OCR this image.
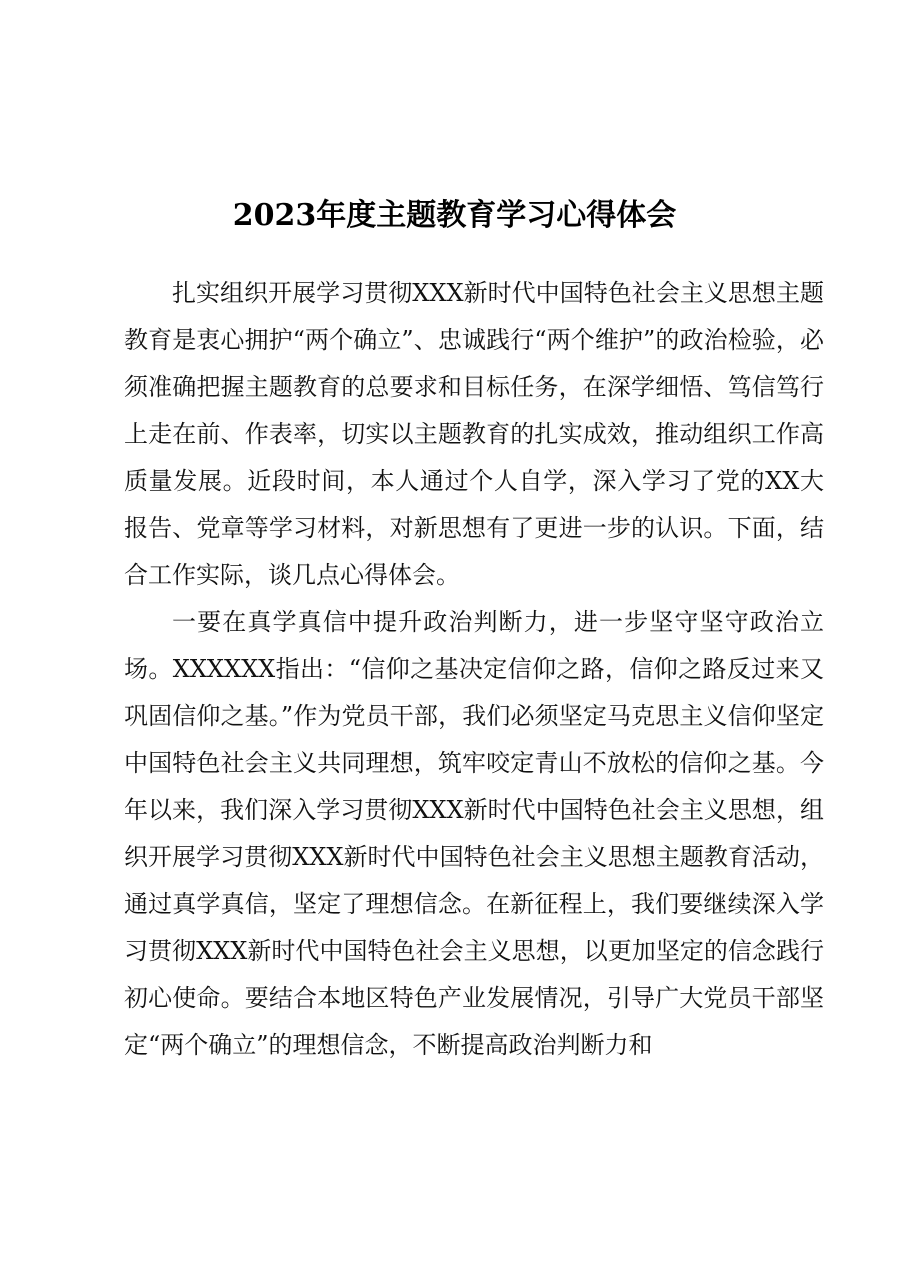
2023年度主题教育学习心得体会

扎实组织开展学习贯彻XXX新时代中国特色社会主义思想主题教育是衷心拥护“两个确立”、忠诚践行“两个维护”的政治检验，必须准确把握主题教育的总要求和目标任务，在深学细悟、笃信笃行上走在前、作表率，切实以主题教育的扎实成效，推动组织工作高质量发展。近段时间，本人通过个人自学，深入学习了党的XX大报告、党章等学习材料，对新思想有了更进一步的认识。下面，结合工作实际，谈几点心得体会。

一要在真学真信中提升政治判断力，进一步坚守坚守政治立场。XXXXXX指出：“信仰之基决定信仰之路，信仰之路反过来又巩固信仰之基。”作为党员干部，我们必须坚定马克思主义信仰坚定中国特色社会主义共同理想，筑牢咬定青山不放松的信仰之基。今年以来，我们深入学习贯彻XXX新时代中国特色社会主义思想，组织开展学习贯彻XXX新时代中国特色社会主义思想主题教育活动，通过真学真信，坚定了理想信念。在新征程上，我们要继续深入学习贯彻XXX新时代中国特色社会主义思想，以更加坚定的信念践行初心使命。要结合本地区特色产业发展情况，引导广大党员干部坚定“两个确立”的理想信念，不断提高政治判断力和
